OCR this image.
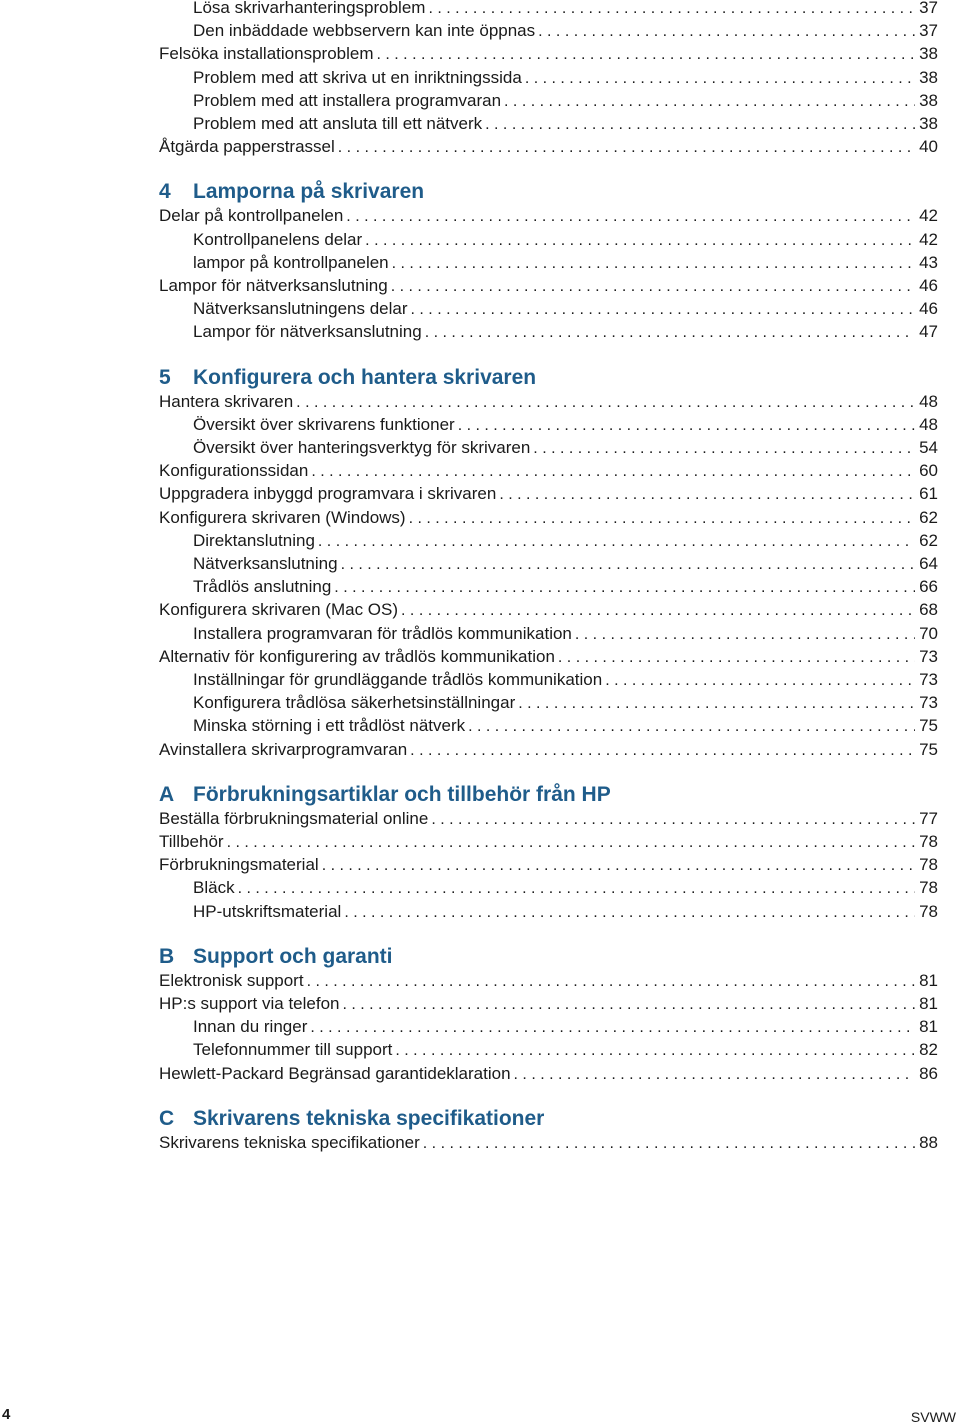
Lösa skrivarhanteringsproblem . . .	37
Den inbäddade webbservern kan inte öppnas . . .	37
Felsöka installationsproblem . . .	38
Problem med att skriva ut en inriktningssida . . .	38
Problem med att installera programvaran . . .	38
Problem med att ansluta till ett nätverk . . .	38
Åtgärda papperstrassel . . .	40
4	Lamporna på skrivaren
Delar på kontrollpanelen . . .	42
Kontrollpanelens delar . . .	42
lampor på kontrollpanelen . . .	43
Lampor för nätverksanslutning . . .	46
Nätverksanslutningens delar . . .	46
Lampor för nätverksanslutning . . .	47
5	Konfigurera och hantera skrivaren
Hantera skrivaren . . .	48
Översikt över skrivarens funktioner . . .	48
Översikt över hanteringsverktyg för skrivaren . . .	54
Konfigurationssidan . . .	60
Uppgradera inbyggd programvara i skrivaren . . .	61
Konfigurera skrivaren (Windows) . . .	62
Direktanslutning . . .	62
Nätverksanslutning . . .	64
Trådlös anslutning . . .	66
Konfigurera skrivaren (Mac OS) . . .	68
Installera programvaran för trådlös kommunikation . . .	70
Alternativ för konfigurering av trådlös kommunikation . . .	73
Inställningar för grundläggande trådlös kommunikation . . .	73
Konfigurera trådlösa säkerhetsinställningar . . .	73
Minska störning i ett trådlöst nätverk . . .	75
Avinstallera skrivarprogramvaran . . .	75
A Förbrukningsartiklar och tillbehör från HP
Beställa förbrukningsmaterial online . . .	77
Tillbehör . . .	78
Förbrukningsmaterial . . .	78
Bläck . . .	78
HP-utskriftsmaterial . . .	78
B Support och garanti
Elektronisk support . . .	81
HP:s support via telefon . . .	81
Innan du ringer . . .	81
Telefonnummer till support . . .	82
Hewlett-Packard Begränsad garantideklaration . . .	86
C Skrivarens tekniska specifikationer
Skrivarens tekniska specifikationer . . .	88
4	SVWW
